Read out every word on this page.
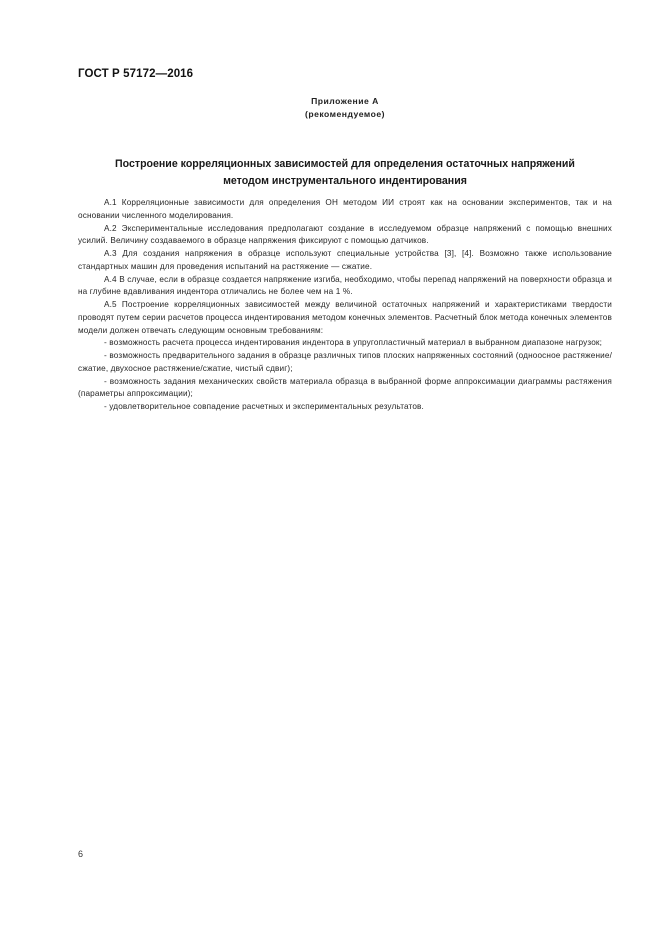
ГОСТ Р 57172—2016
Приложение А
(рекомендуемое)
Построение корреляционных зависимостей для определения остаточных напряжений
методом инструментального индентирования

А.1 Корреляционные зависимости для определения ОН методом ИИ строят как на основании экспериментов, так и на основании численного моделирования.

А.2 Экспериментальные исследования предполагают создание в исследуемом образце напряжений с помощью внешних усилий. Величину создаваемого в образце напряжения фиксируют с помощью датчиков.

А.3 Для создания напряжения в образце используют специальные устройства [3], [4]. Возможно также использование стандартных машин для проведения испытаний на растяжение — сжатие.

А.4 В случае, если в образце создается напряжение изгиба, необходимо, чтобы перепад напряжений на поверхности образца и на глубине вдавливания индентора отличались не более чем на 1 %.

А.5 Построение корреляционных зависимостей между величиной остаточных напряжений и характеристиками твердости проводят путем серии расчетов процесса индентирования методом конечных элементов. Расчетный блок метода конечных элементов модели должен отвечать следующим основным требованиям:

- возможность расчета процесса индентирования индентора в упругопластичный материал в выбранном диапазоне нагрузок;

- возможность предварительного задания в образце различных типов плоских напряженных состояний (одноосное растяжение/сжатие, двухосное растяжение/сжатие, чистый сдвиг);

- возможность задания механических свойств материала образца в выбранной форме аппроксимации диаграммы растяжения (параметры аппроксимации);

- удовлетворительное совпадение расчетных и экспериментальных результатов.

6
